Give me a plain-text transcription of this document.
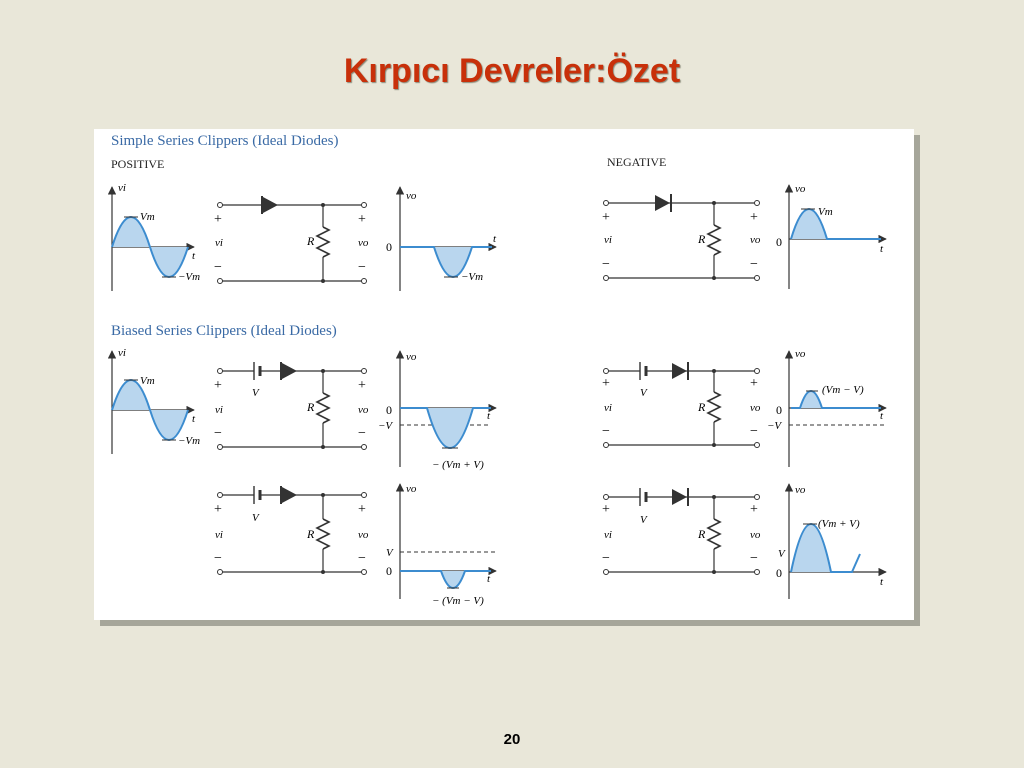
Kırpıcı Devreler:Özet
Simple Series Clippers (Ideal Diodes)
POSITIVE	NEGATIVE
Biased Series Clippers (Ideal Diodes)
vi
Vm
−Vm
t
vi
Vm
−Vm
t
+
vi
−
R
+
vo
−
+
vi
−
R
+
vo
−
V
+
vi
−
R
+
vo
−
V
+
vi
−
R
+
vo
−
V
+
vi
−
R
+
vo
−
V
+
vi
−
R
+
vo
−
vo
0
t
−Vm
vo
Vm
0	t
vo
0
−V
t
− (Vm + V)
vo
(Vm − V)
0
−V
t
vo
V
0
t
− (Vm − V)
vo
(Vm + V)
V
0
t
20
